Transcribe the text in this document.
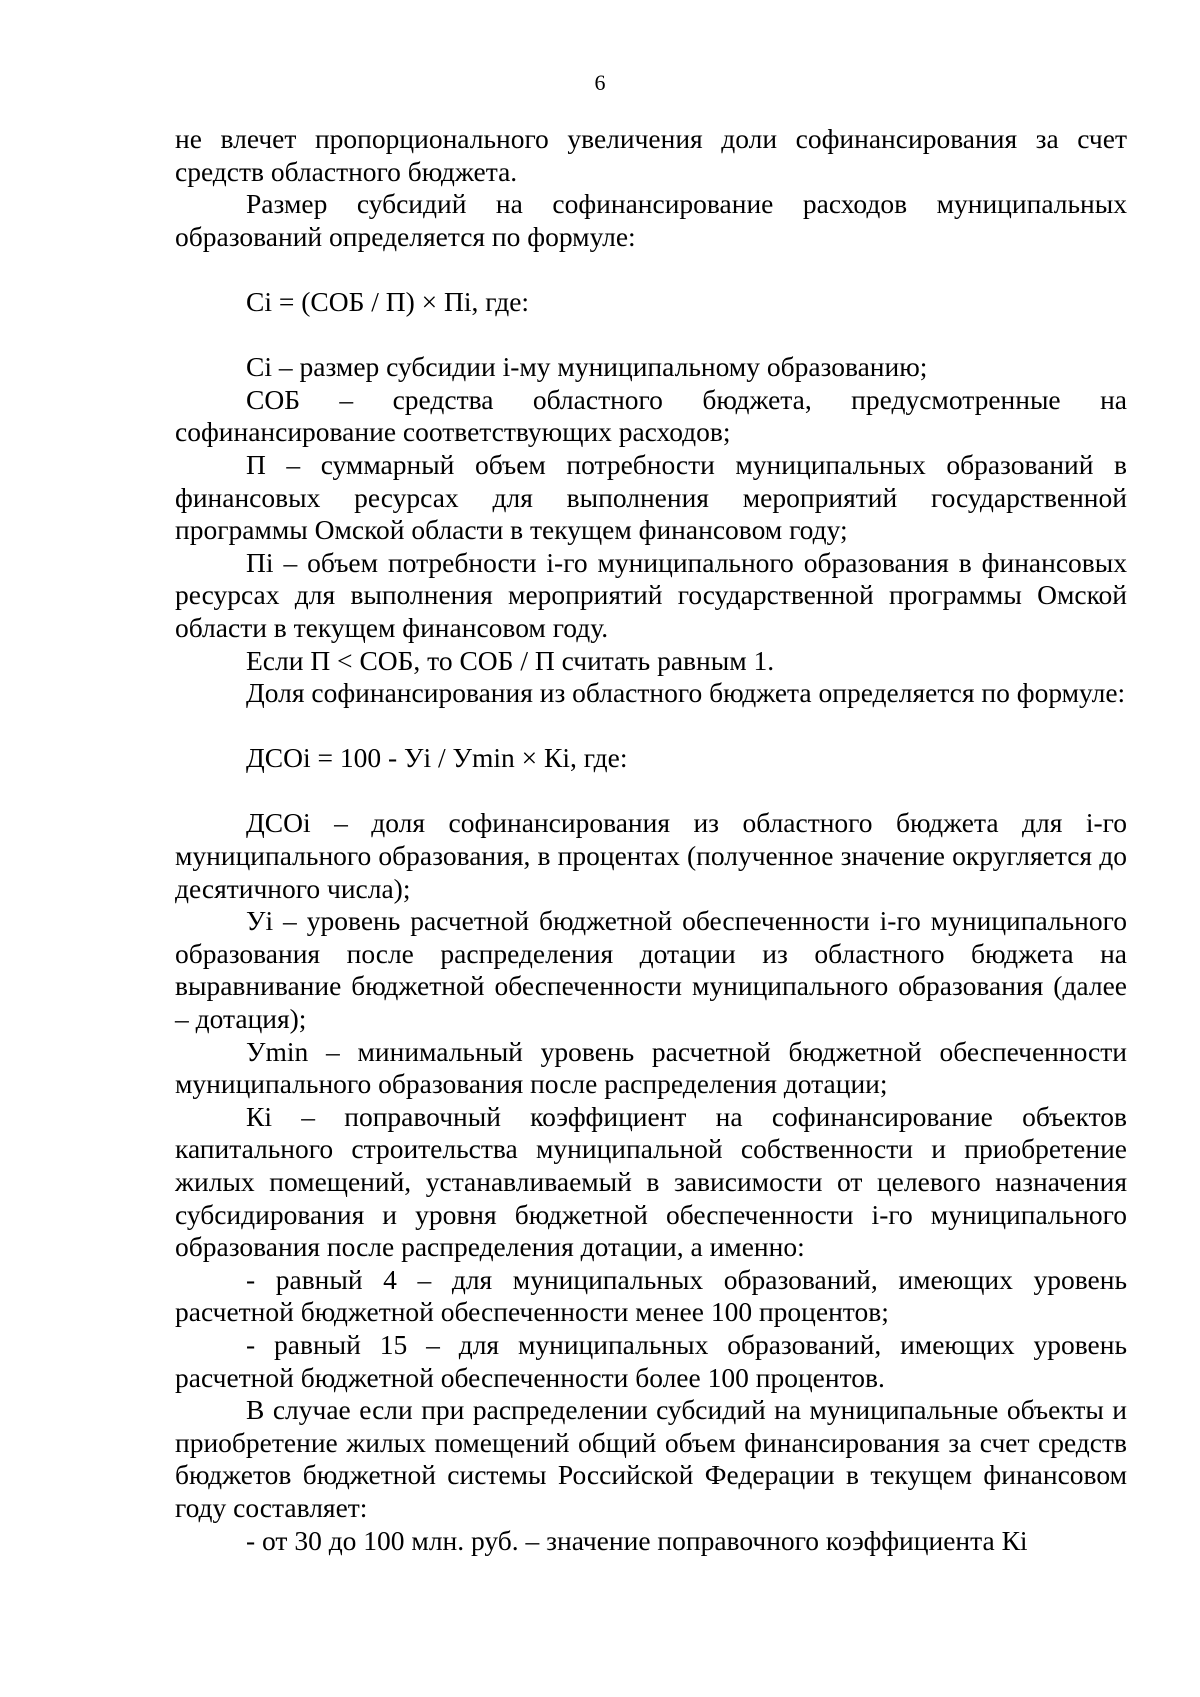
6

не влечет пропорционального увеличения доли софинансирования за счет средств областного бюджета.

Размер субсидий на софинансирование расходов муниципальных образований определяется по формуле:

Ci = (СОБ / П) × Пi, где:

Ci – размер субсидии i-му муниципальному образованию;

СОБ – средства областного бюджета, предусмотренные на софинансирование соответствующих расходов;

П – суммарный объем потребности муниципальных образований в финансовых ресурсах для выполнения мероприятий государственной программы Омской области в текущем финансовом году;

Пi – объем потребности i-го муниципального образования в финансовых ресурсах для выполнения мероприятий государственной программы Омской области в текущем финансовом году.

Если П < СОБ, то СОБ / П считать равным 1.

Доля софинансирования из областного бюджета определяется по формуле:

ДСОi = 100 - Уi / Уmin × Кi, где:

ДСОi – доля софинансирования из областного бюджета для i-го муниципального образования, в процентах (полученное значение округляется до десятичного числа);

Уi – уровень расчетной бюджетной обеспеченности i-го муниципального образования после распределения дотации из областного бюджета на выравнивание бюджетной обеспеченности муниципального образования (далее – дотация);

Уmin – минимальный уровень расчетной бюджетной обеспеченности муниципального образования после распределения дотации;

Кi – поправочный коэффициент на софинансирование объектов капитального строительства муниципальной собственности и приобретение жилых помещений, устанавливаемый в зависимости от целевого назначения субсидирования и уровня бюджетной обеспеченности i-го муниципального образования после распределения дотации, а именно:

- равный 4 – для муниципальных образований, имеющих уровень расчетной бюджетной обеспеченности менее 100 процентов;

- равный 15 – для муниципальных образований, имеющих уровень расчетной бюджетной обеспеченности более 100 процентов.

В случае если при распределении субсидий на муниципальные объекты и приобретение жилых помещений общий объем финансирования за счет средств бюджетов бюджетной системы Российской Федерации в текущем финансовом году составляет:

- от 30 до 100 млн. руб. – значение поправочного коэффициента Кi
